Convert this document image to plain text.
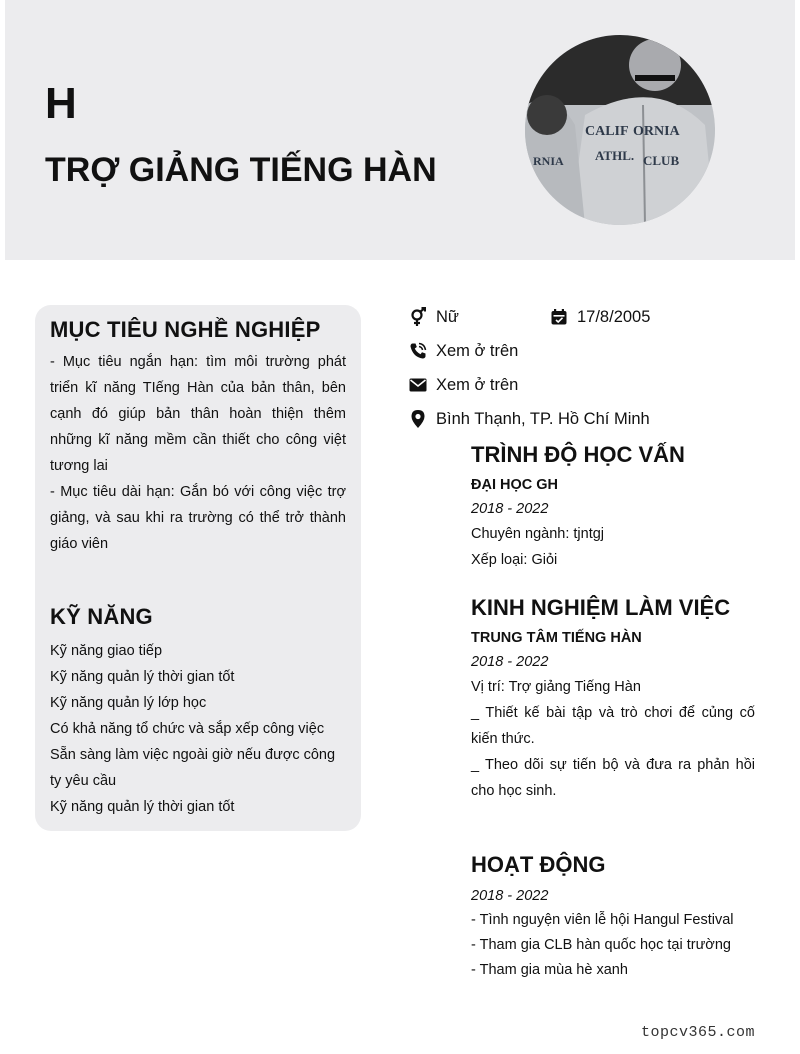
H
TRỢ GIẢNG TIẾNG HÀN
CALIF ORNIA
ATHL. CLUB
RNIA
MỤC TIÊU NGHỀ NGHIỆP

- Mục tiêu ngắn hạn: tìm môi trường phát triển kĩ năng TIếng Hàn của bản thân, bên cạnh đó giúp bản thân hoàn thiện thêm những kĩ năng mềm cần thiết cho công việt tương lai

- Mục tiêu dài hạn: Gắn bó với công việc trợ giảng, và sau khi ra trường có thể trở thành giáo viên

KỸ NĂNG
Kỹ năng giao tiếp
Kỹ năng quản lý thời gian tốt
Kỹ năng quản lý lớp học
Có khả năng tổ chức và sắp xếp công việc
Sẵn sàng làm việc ngoài giờ nếu được công ty yêu cầu
Kỹ năng quản lý thời gian tốt
Nữ	17/8/2005
Xem ở trên
Xem ở trên
Bình Thạnh, TP. Hồ Chí Minh
TRÌNH ĐỘ HỌC VẤN

ĐẠI HỌC GH

2018 - 2022

Chuyên ngành: tjntgj

Xếp loại: Giỏi

KINH NGHIỆM LÀM VIỆC

TRUNG TÂM TIẾNG HÀN

2018 - 2022

Vị trí: Trợ giảng Tiếng Hàn

_ Thiết kế bài tập và trò chơi để củng cố kiến thức.

_ Theo dõi sự tiến bộ và đưa ra phản hồi cho học sinh.

HOẠT ĐỘNG

2018 - 2022

- Tình nguyện viên lễ hội Hangul Festival

- Tham gia CLB hàn quốc học tại trường

- Tham gia mùa hè xanh

topcv365.com
